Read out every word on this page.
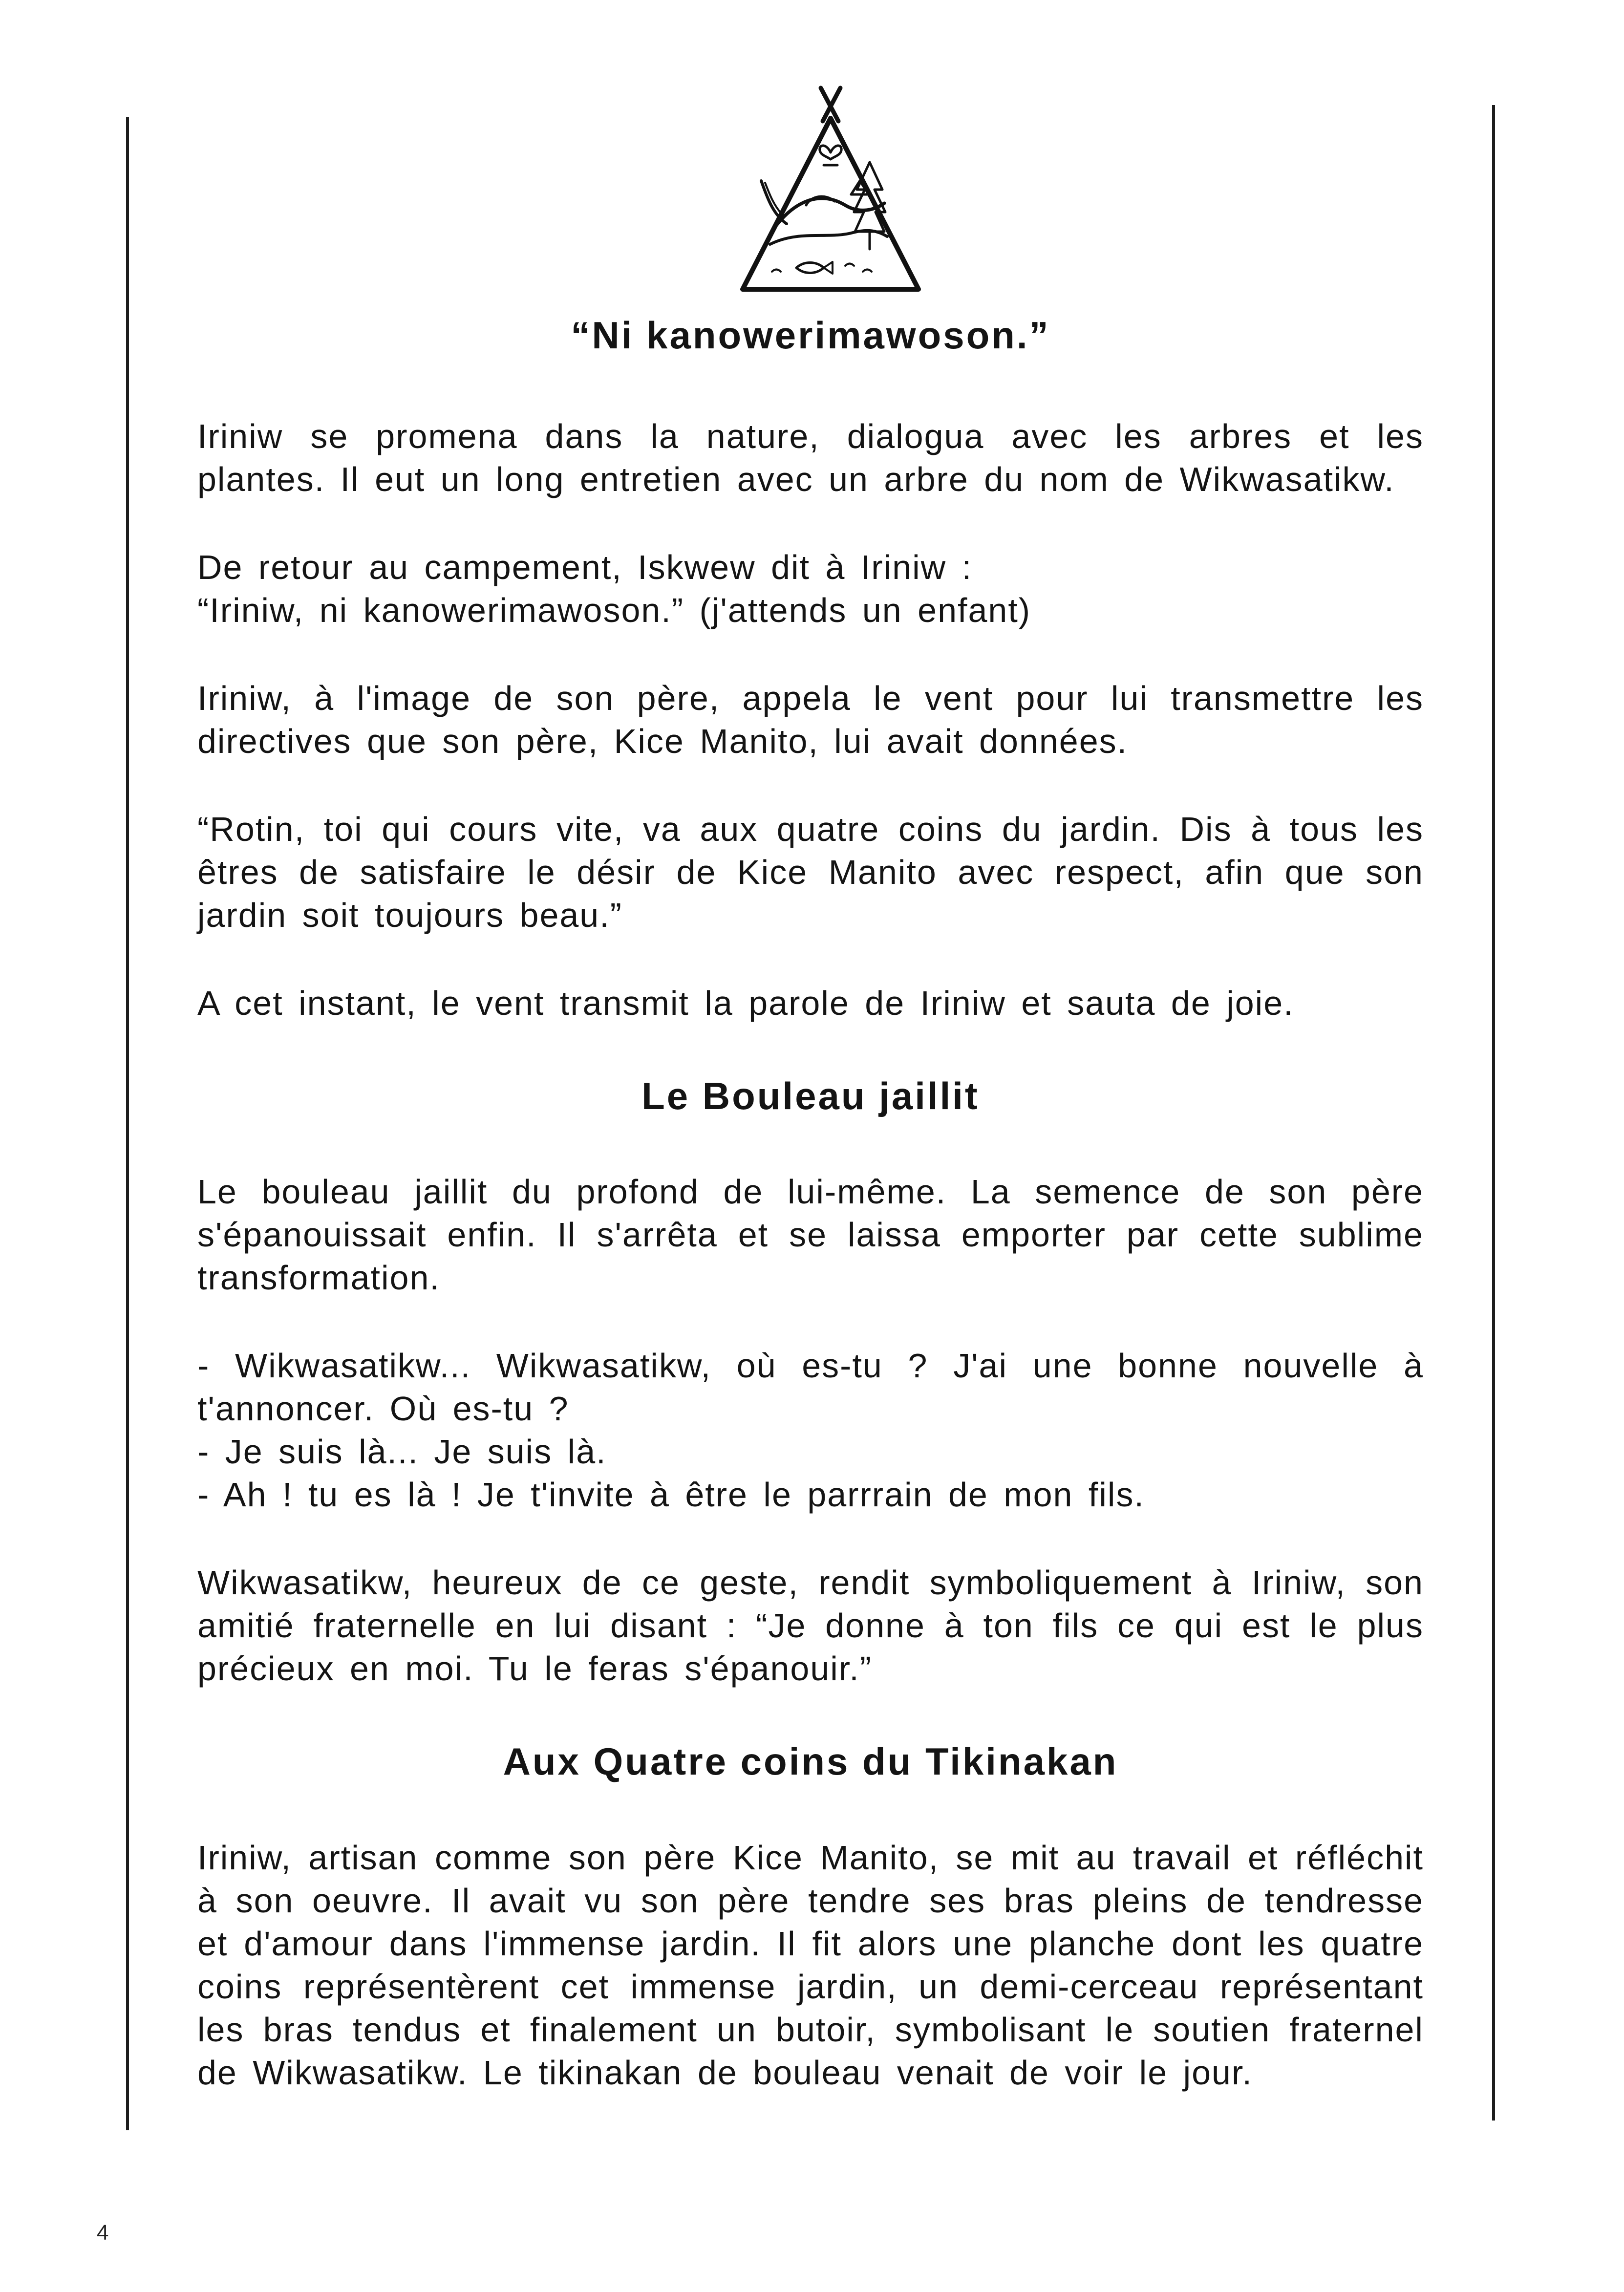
“Ni kanowerimawoson.”

Iriniw se promena dans la nature, dialogua avec les arbres et les plantes. Il eut un long entretien avec un arbre du nom de Wikwasatikw.

De retour au campement, Iskwew dit à Iriniw :
“Iriniw, ni kanowerimawoson.” (j'attends un enfant)

Iriniw, à l'image de son père, appela le vent pour lui transmettre les directives que son père, Kice Manito, lui avait données.

“Rotin, toi qui cours vite, va aux quatre coins du jardin. Dis à tous les êtres de satisfaire le désir de Kice Manito avec respect, afin que son jardin soit toujours beau.”

A cet instant, le vent transmit la parole de Iriniw et sauta de joie.

Le Bouleau jaillit

Le bouleau jaillit du profond de lui-même. La semence de son père s'épanouissait enfin. Il s'arrêta et se laissa emporter par cette sublime transformation.

- Wikwasatikw... Wikwasatikw, où es-tu ? J'ai une bonne nouvelle à t'annoncer. Où es-tu ?
- Je suis là... Je suis là.
- Ah ! tu es là ! Je t'invite à être le parrrain de mon fils.

Wikwasatikw, heureux de ce geste, rendit symboliquement à Iriniw, son amitié fraternelle en lui disant : “Je donne à ton fils ce qui est le plus précieux en moi. Tu le feras s'épanouir.”

Aux Quatre coins du Tikinakan

Iriniw, artisan comme son père Kice Manito, se mit au travail et réfléchit à son oeuvre. Il avait vu son père tendre ses bras pleins de tendresse et d'amour dans l'immense jardin. Il fit alors une planche dont les quatre coins représentèrent cet immense jardin, un demi-cerceau représentant les bras tendus et finalement un butoir, symbolisant le soutien fraternel de Wikwasatikw. Le tikinakan de bouleau venait de voir le jour.

4
